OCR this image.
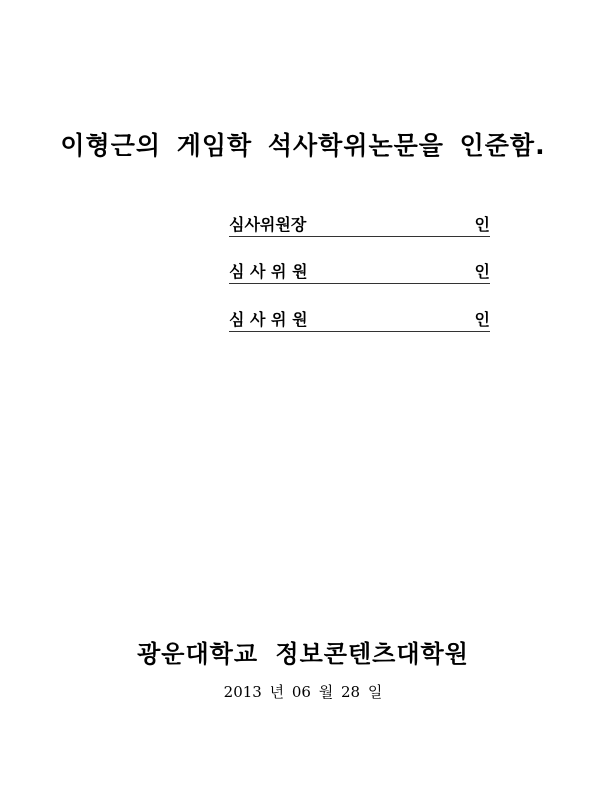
이형근의 게임학 석사학위논문을 인준함.
심사위원장	인
심 사 위 원	인
심 사 위 원	인
광운대학교 정보콘텐츠대학원
2013 년 06 월 28 일
